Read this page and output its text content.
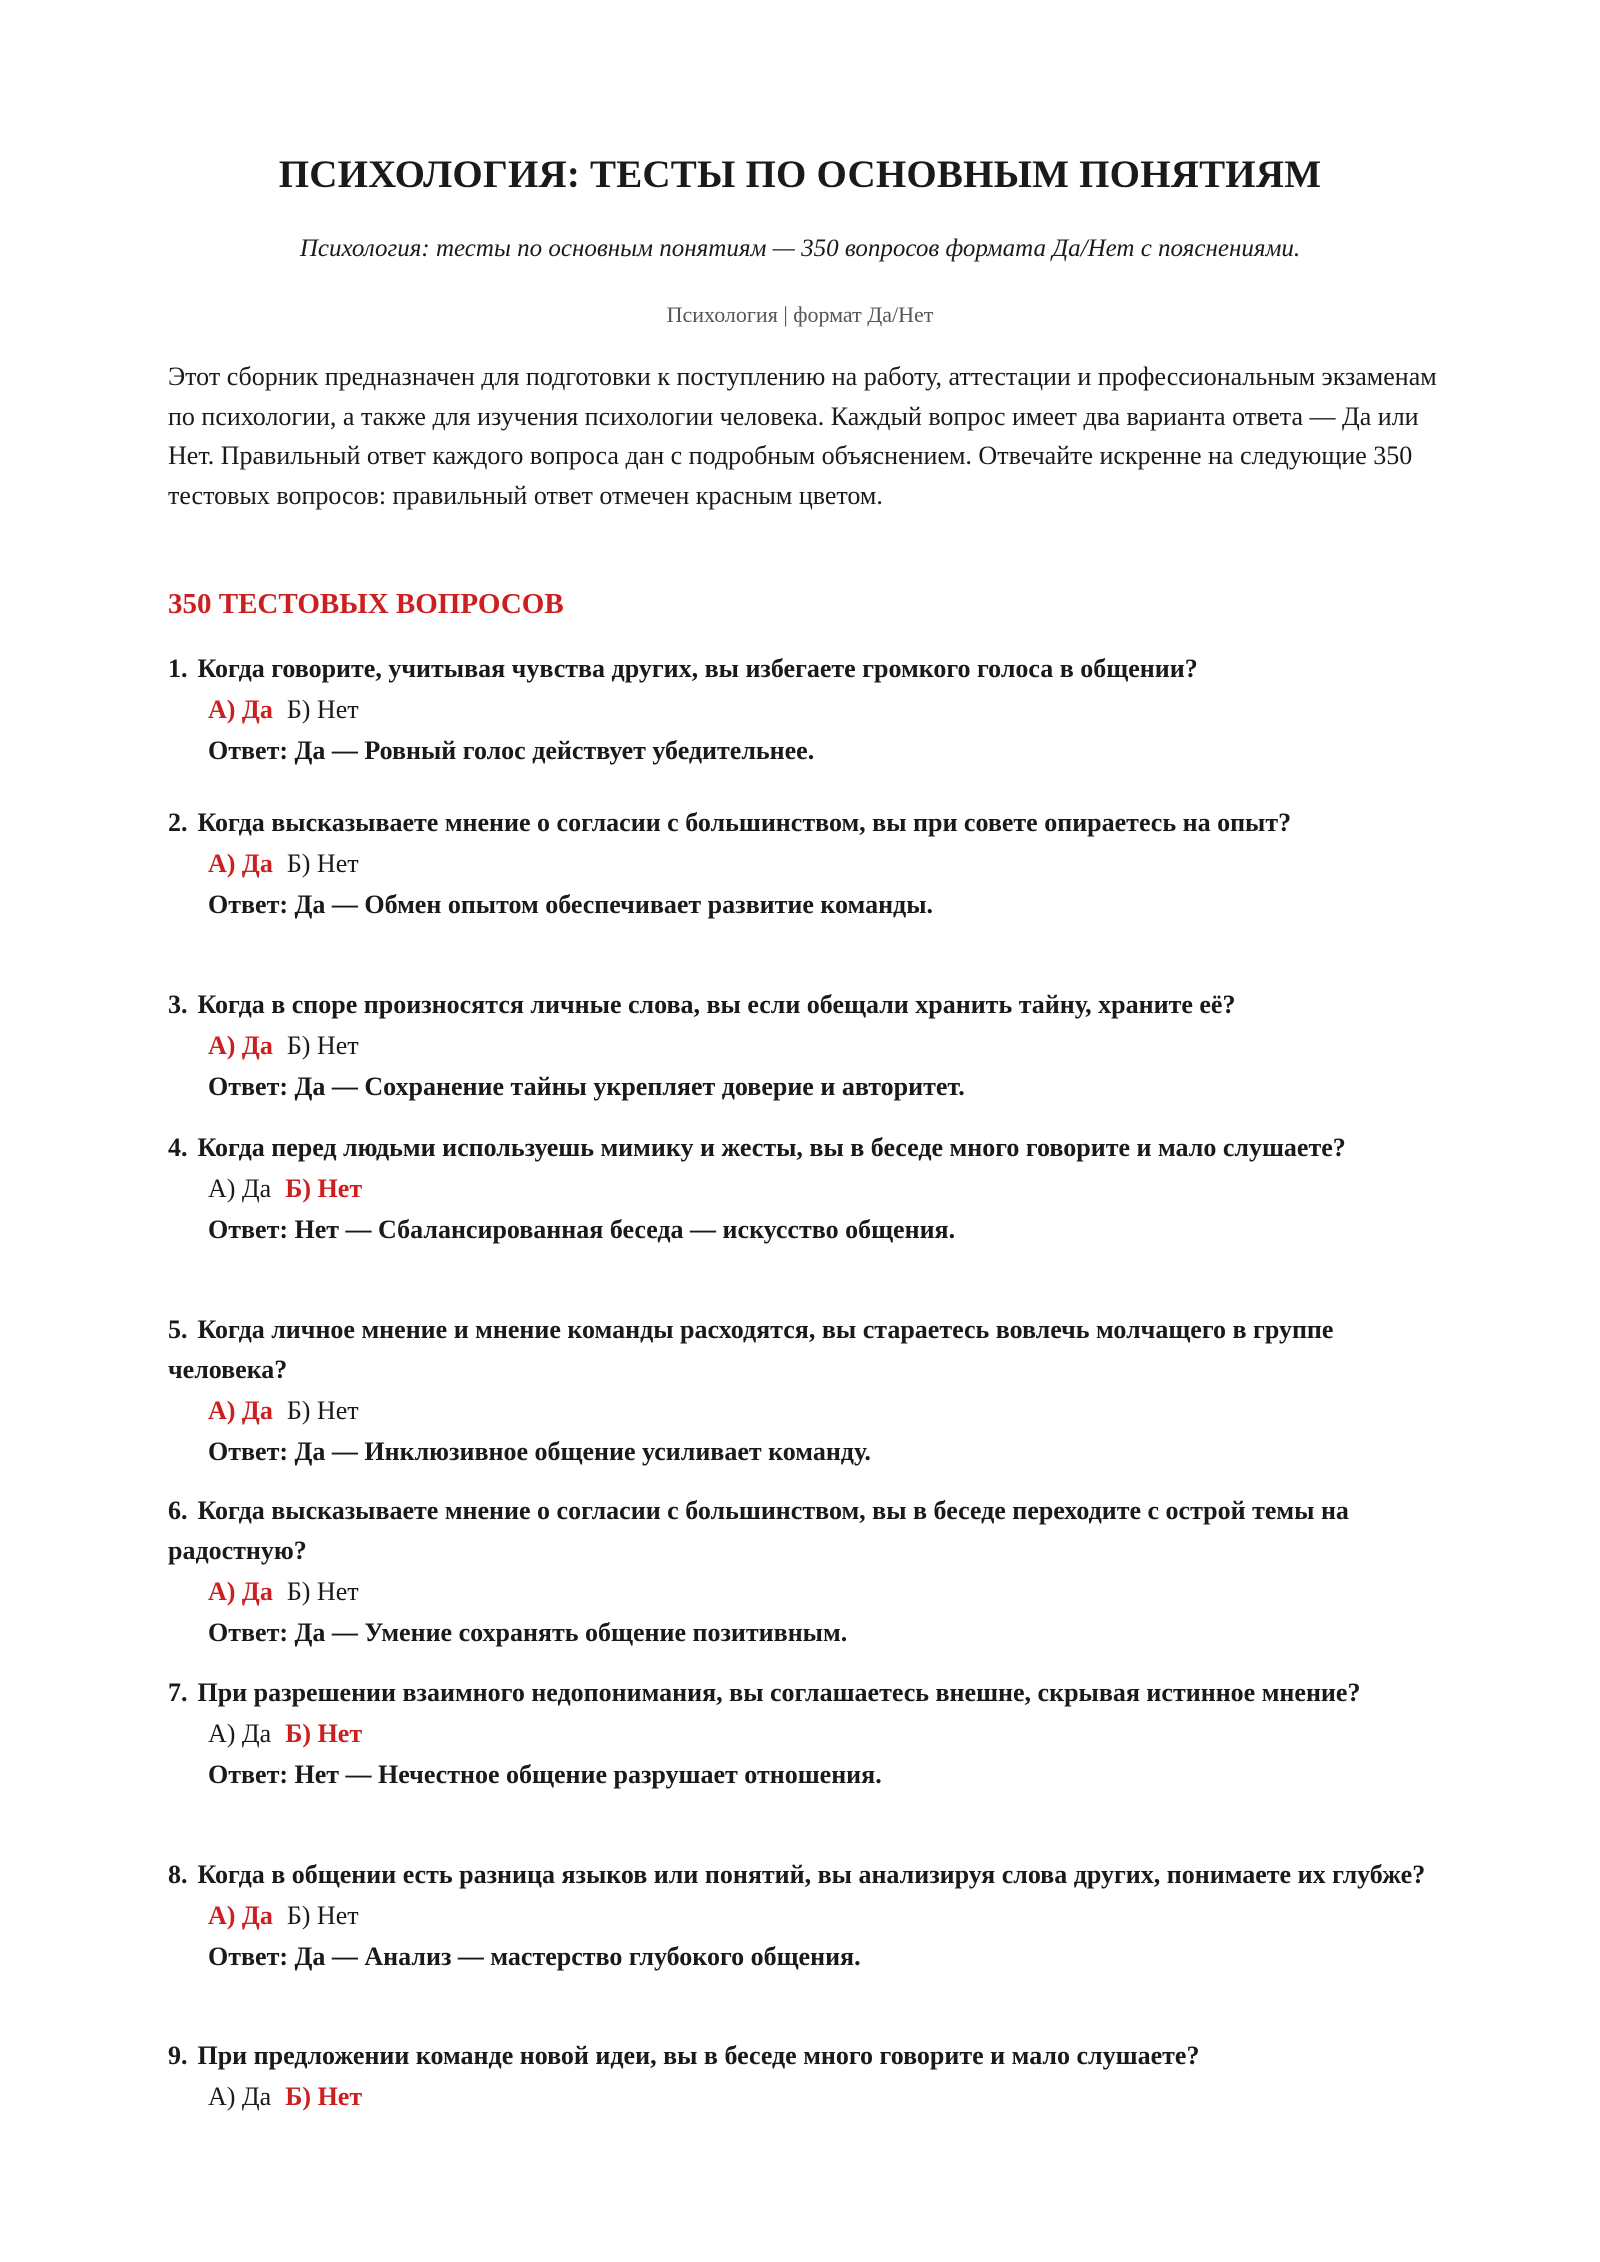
ПСИХОЛОГИЯ: ТЕСТЫ ПО ОСНОВНЫМ ПОНЯТИЯМ
Психология: тесты по основным понятиям — 350 вопросов формата Да/Нет с пояснениями.
Психология | формат Да/Нет

Этот сборник предназначен для подготовки к поступлению на работу, аттестации и профессиональным экзаменам по психологии, а также для изучения психологии человека. Каждый вопрос имеет два варианта ответа — Да или Нет. Правильный ответ каждого вопроса дан с подробным объяснением. Отвечайте искренне на следующие 350 тестовых вопросов: правильный ответ отмечен красным цветом.

350 ТЕСТОВЫХ ВОПРОСОВ
1. Когда говорите, учитывая чувства других, вы избегаете громкого голоса в общении?
А) Да Б) Нет
Ответ: Да — Ровный голос действует убедительнее.
2. Когда высказываете мнение о согласии с большинством, вы при совете опираетесь на опыт?
А) Да Б) Нет
Ответ: Да — Обмен опытом обеспечивает развитие команды.
3. Когда в споре произносятся личные слова, вы если обещали хранить тайну, храните её?
А) Да Б) Нет
Ответ: Да — Сохранение тайны укрепляет доверие и авторитет.
4. Когда перед людьми используешь мимику и жесты, вы в беседе много говорите и мало слушаете?
А) Да Б) Нет
Ответ: Нет — Сбалансированная беседа — искусство общения.
5. Когда личное мнение и мнение команды расходятся, вы стараетесь вовлечь молчащего в группе человека?
А) Да Б) Нет
Ответ: Да — Инклюзивное общение усиливает команду.
6. Когда высказываете мнение о согласии с большинством, вы в беседе переходите с острой темы на радостную?
А) Да Б) Нет
Ответ: Да — Умение сохранять общение позитивным.
7. При разрешении взаимного недопонимания, вы соглашаетесь внешне, скрывая истинное мнение?
А) Да Б) Нет
Ответ: Нет — Нечестное общение разрушает отношения.
8. Когда в общении есть разница языков или понятий, вы анализируя слова других, понимаете их глубже?
А) Да Б) Нет
Ответ: Да — Анализ — мастерство глубокого общения.
9. При предложении команде новой идеи, вы в беседе много говорите и мало слушаете?
А) Да Б) Нет
